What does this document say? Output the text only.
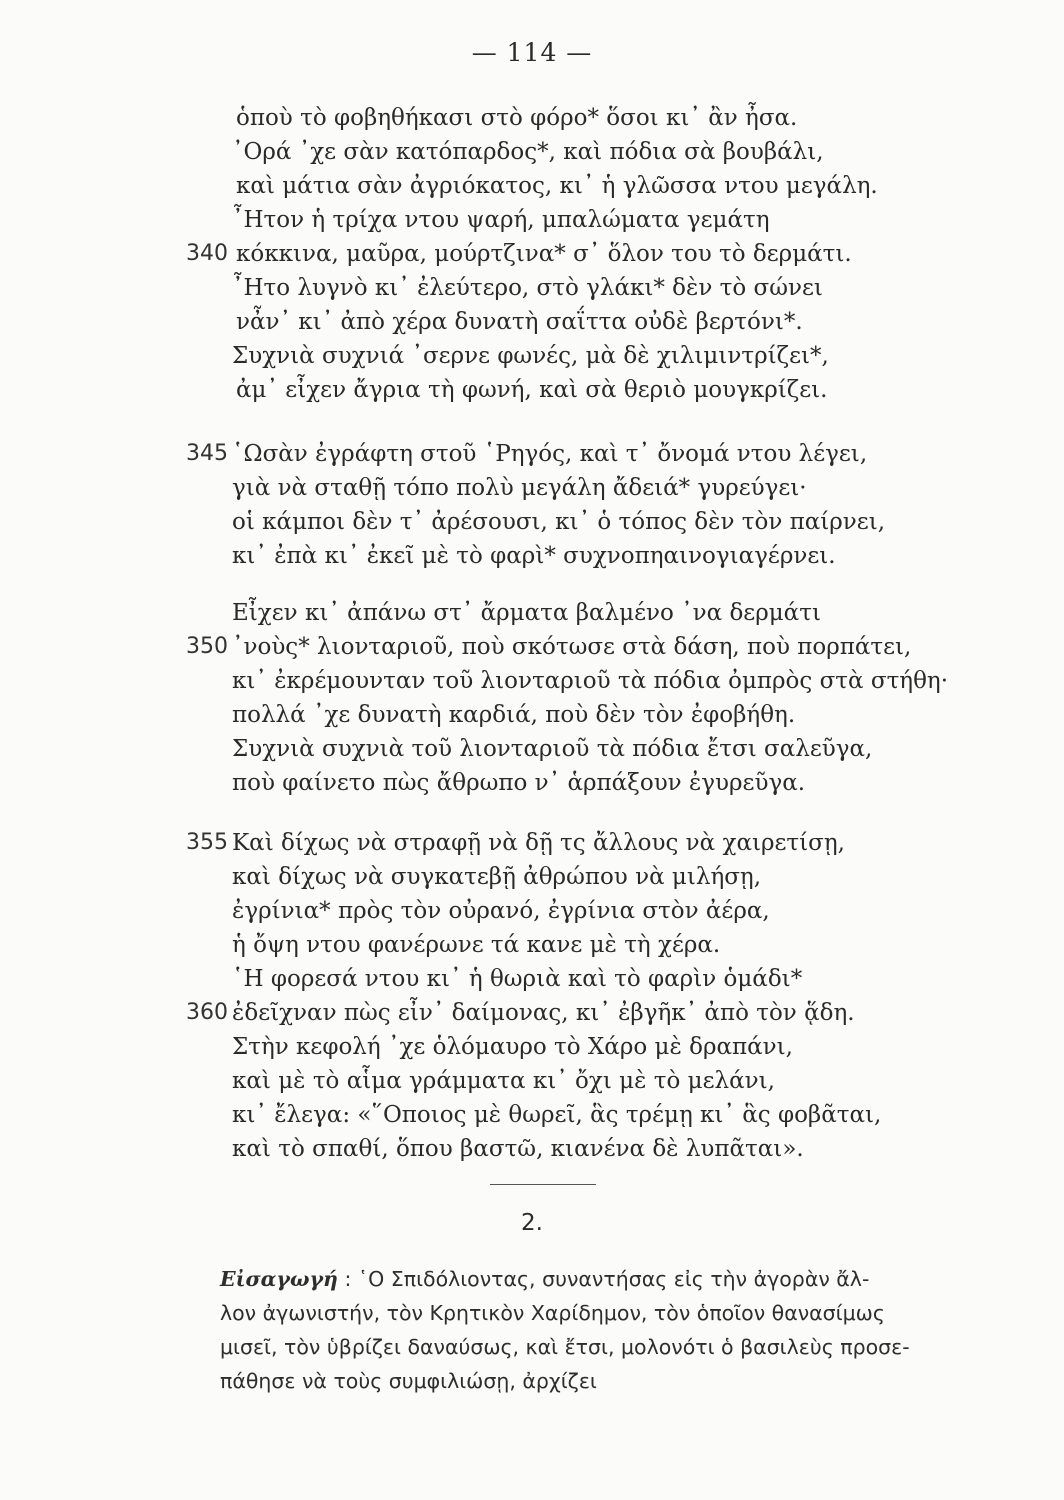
— 114 —
ὁποὺ τὸ φοβηθήκασι στὸ φόρο* ὅσοι κι᾽ ἂν ἦσα.
᾽Ορά ᾽χε σὰν κατόπαρδος*, καὶ πόδια σὰ βουβάλι,
καὶ μάτια σὰν ἀγριόκατος, κι᾽ ἡ γλῶσσα ντου μεγάλη.
῏Ητον ἡ τρίχα ντου ψαρή, μπαλώματα γεμάτη
340 κόκκινα, μαῦρα, μούρτζινα* σ᾽ ὅλον του τὸ δερμάτι.
῏Ητο λυγνὸ κι᾽ ἐλεύτερο, στὸ γλάκι* δὲν τὸ σώνει
νἆν᾽ κι᾽ ἀπὸ χέρα δυνατὴ σαΐττα οὐδὲ βερτόνι*.
Συχνιὰ συχνιά ᾽σερνε φωνές, μὰ δὲ χιλιμιντρίζει*,
ἀμ᾽ εἶχεν ἄγρια τὴ φωνή, καὶ σὰ θεριὸ μουγκρίζει.
345 ῾Ωσὰν ἐγράφτη στοῦ ῾Ρηγός, καὶ τ᾽ ὄνομά ντου λέγει,
γιὰ νὰ σταθῇ τόπο πολὺ μεγάλη ἄδειά* γυρεύγει·
οἱ κάμποι δὲν τ᾽ ἀρέσουσι, κι᾽ ὁ τόπος δὲν τὸν παίρνει,
κι᾽ ἐπὰ κι᾽ ἐκεῖ μὲ τὸ φαρὶ* συχνοπηαινογιαγέρνει.
Εἶχεν κι᾽ ἀπάνω στ᾽ ἄρματα βαλμένο ᾽να δερμάτι
350 ᾽νοὺς* λιονταριοῦ, ποὺ σκότωσε στὰ δάση, ποὺ πορπάτει,
κι᾽ ἐκρέμουνταν τοῦ λιονταριοῦ τὰ πόδια ὀμπρὸς στὰ στήθη·
πολλά ᾽χε δυνατὴ καρδιά, ποὺ δὲν τὸν ἐφοβήθη.
Συχνιὰ συχνιὰ τοῦ λιονταριοῦ τὰ πόδια ἔτσι σαλεῦγα,
ποὺ φαίνετο πὼς ἄθρωπο ν᾽ ἁρπάξουν ἐγυρεῦγα.
355 Καὶ δίχως νὰ στραφῇ νὰ δῇ τς ἄλλους νὰ χαιρετίσῃ,
καὶ δίχως νὰ συγκατεβῇ ἀθρώπου νὰ μιλήσῃ,
ἐγρίνια* πρὸς τὸν οὐρανό, ἐγρίνια στὸν ἀέρα,
ἡ ὄψη ντου φανέρωνε τά κανε μὲ τὴ χέρα.
῾Η φορεσά ντου κι᾽ ἡ θωριὰ καὶ τὸ φαρὶν ὁμάδι*
360 ἐδεῖχναν πὼς εἶν᾽ δαίμονας, κι᾽ ἐβγῆκ᾽ ἀπὸ τὸν ᾅδη.
Στὴν κεφολή ᾽χε ὁλόμαυρο τὸ Χάρο μὲ δραπάνι,
καὶ μὲ τὸ αἷμα γράμματα κι᾽ ὄχι μὲ τὸ μελάνι,
κι᾽ ἔλεγα: «῞Οποιος μὲ θωρεῖ, ἃς τρέμῃ κι᾽ ἃς φοβᾶται,
καὶ τὸ σπαθί, ὅπου βαστῶ, κιανένα δὲ λυπᾶται».
2.
Εἰσαγωγή : ῾Ο Σπιδόλιοντας, συναντήσας εἰς τὴν ἀγορὰν ἄλ-
λον ἀγωνιστήν, τὸν Κρητικὸν Χαρίδημον, τὸν ὁποῖον θανασίμως
μισεῖ, τὸν ὑβρίζει δαναύσως, καὶ ἔτσι, μολονότι ὁ βασιλεὺς προσε-
πάθησε νὰ τοὺς συμφιλιώσῃ, ἀρχίζει
